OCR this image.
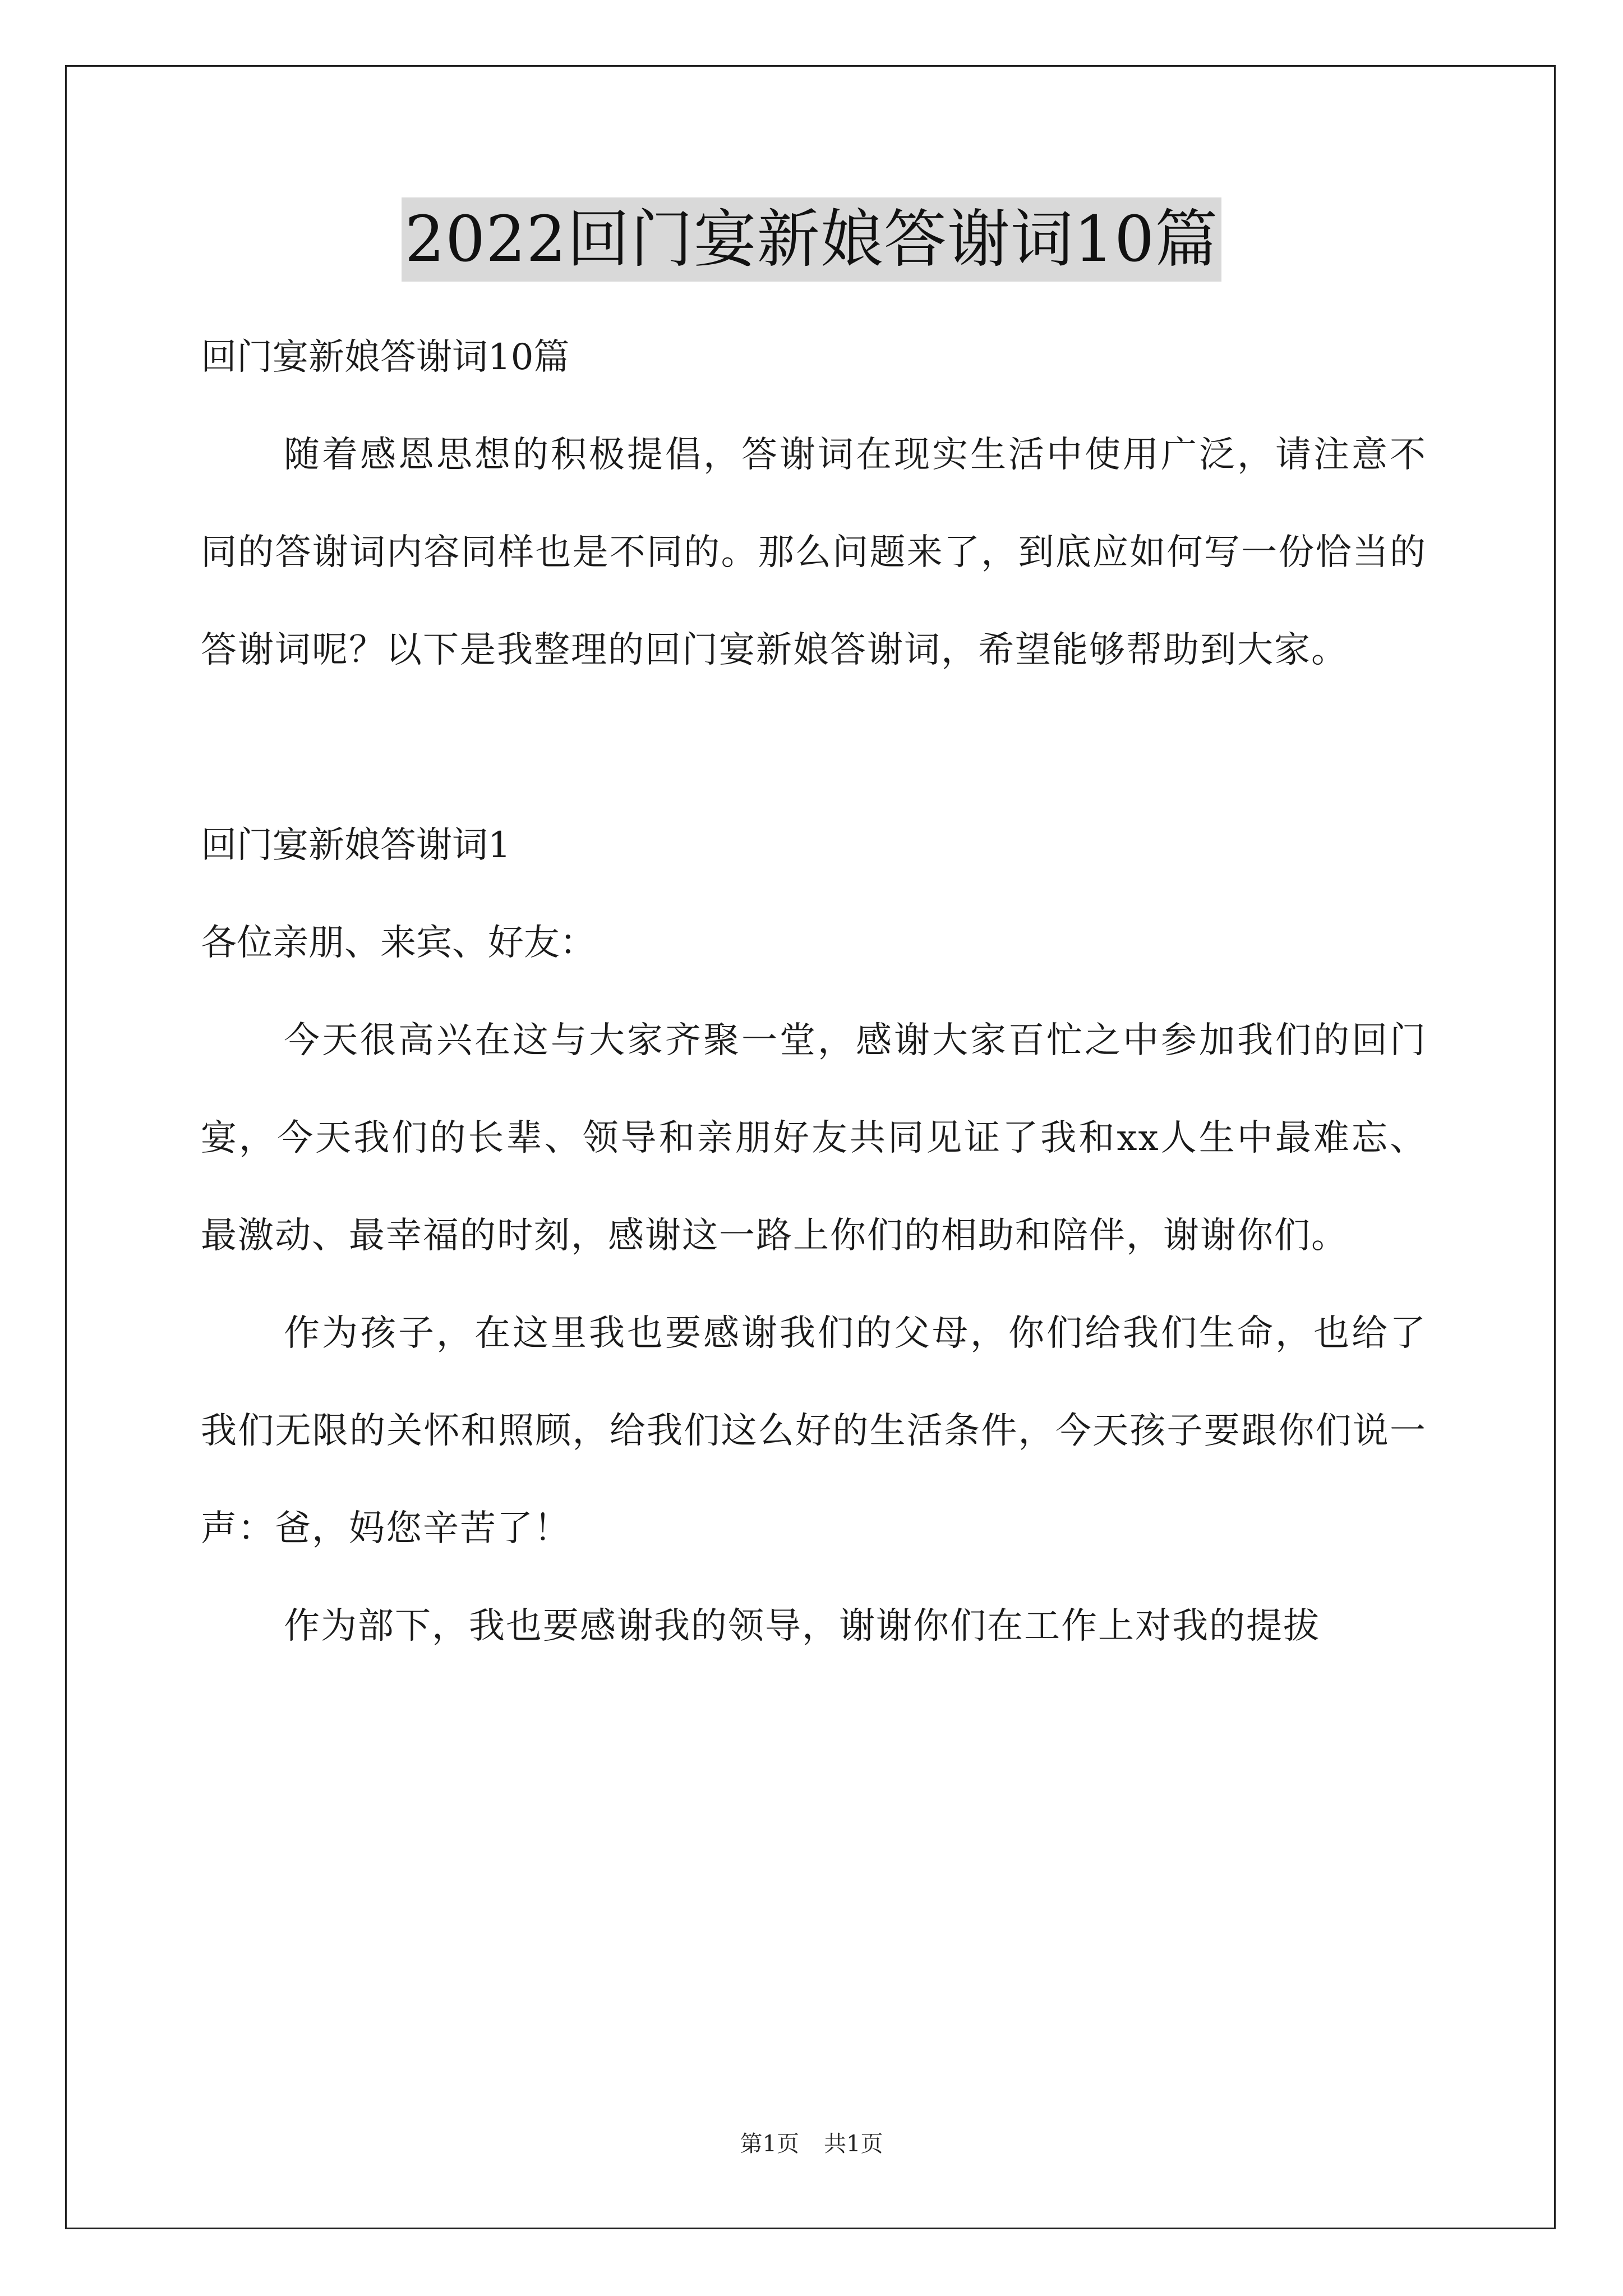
2022回门宴新娘答谢词10篇
回门宴新娘答谢词10篇
随着感恩思想的积极提倡，答谢词在现实生活中使用广泛，请注意不同的答谢词内容同样也是不同的。那么问题来了，到底应如何写一份恰当的答谢词呢？以下是我整理的回门宴新娘答谢词，希望能够帮助到大家。
回门宴新娘答谢词1
各位亲朋、来宾、好友：
今天很高兴在这与大家齐聚一堂，感谢大家百忙之中参加我们的回门宴，今天我们的长辈、领导和亲朋好友共同见证了我和xx人生中最难忘、最激动、最幸福的时刻，感谢这一路上你们的相助和陪伴，谢谢你们。
作为孩子，在这里我也要感谢我们的父母，你们给我们生命，也给了我们无限的关怀和照顾，给我们这么好的生活条件，今天孩子要跟你们说一声：爸，妈您辛苦了！
作为部下，我也要感谢我的领导，谢谢你们在工作上对我的提拔
第1页 共1页
